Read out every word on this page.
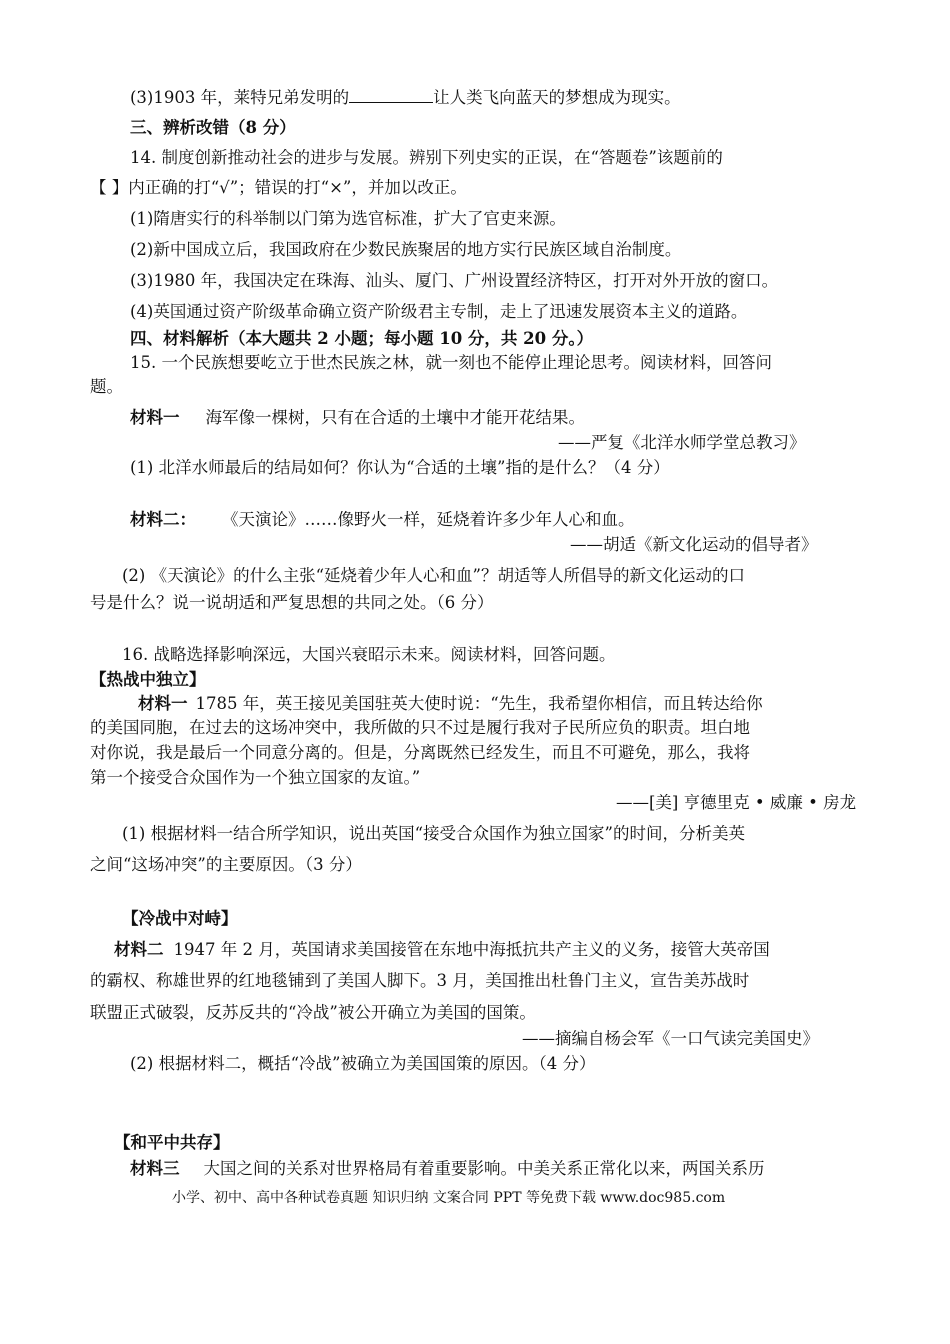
(3)1903 年，莱特兄弟发明的	让人类飞向蓝天的梦想成为现实。
三、辨析改错（8 分）
14. 制度创新推动社会的进步与发展。辨别下列史实的正误，在“答题卷”该题前的
【 】内正确的打“√”；错误的打“×”，并加以改正。
(1)隋唐实行的科举制以门第为选官标准，扩大了官吏来源。
(2)新中国成立后，我国政府在少数民族聚居的地方实行民族区域自治制度。
(3)1980 年，我国决定在珠海、汕头、厦门、广州设置经济特区，打开对外开放的窗口。
(4)英国通过资产阶级革命确立资产阶级君主专制，走上了迅速发展资本主义的道路。
四、材料解析（本大题共 2 小题；每小题 10 分，共 20 分。）
15. 一个民族想要屹立于世杰民族之林，就一刻也不能停止理论思考。阅读材料，回答问
题。
材料一 海军像一棵树，只有在合适的土壤中才能开花结果。
——严复《北洋水师学堂总教习》
(1) 北洋水师最后的结局如何？你认为“合适的土壤”指的是什么？（4 分）
材料二： 《天演论》……像野火一样，延烧着许多少年人心和血。
——胡适《新文化运动的倡导者》
(2) 《天演论》的什么主张“延烧着少年人心和血”？胡适等人所倡导的新文化运动的口
号是什么？说一说胡适和严复思想的共同之处。（6 分）
16. 战略选择影响深远，大国兴衰昭示未来。阅读材料，回答问题。
【热战中独立】
材料一 1785 年，英王接见美国驻英大使时说：“先生，我希望你相信，而且转达给你
的美国同胞，在过去的这场冲突中，我所做的只不过是履行我对子民所应负的职责。坦白地
对你说，我是最后一个同意分离的。但是，分离既然已经发生，而且不可避免，那么，我将
第一个接受合众国作为一个独立国家的友谊。”
——[美] 亨德里克 • 威廉 • 房龙
(1) 根据材料一结合所学知识，说出英国“接受合众国作为独立国家”的时间，分析美英
之间“这场冲突”的主要原因。（3 分）
【冷战中对峙】
材料二 1947 年 2 月，英国请求美国接管在东地中海抵抗共产主义的义务，接管大英帝国
的霸权、称雄世界的红地毯铺到了美国人脚下。3 月，美国推出杜鲁门主义，宣告美苏战时
联盟正式破裂，反苏反共的“冷战”被公开确立为美国的国策。
——摘编自杨会军《一口气读完美国史》
(2) 根据材料二，概括“冷战”被确立为美国国策的原因。（4 分）
【和平中共存】
材料三 大国之间的关系对世界格局有着重要影响。中美关系正常化以来，两国关系历
小学、初中、高中各种试卷真题 知识归纳 文案合同 PPT 等免费下载 www.doc985.com
